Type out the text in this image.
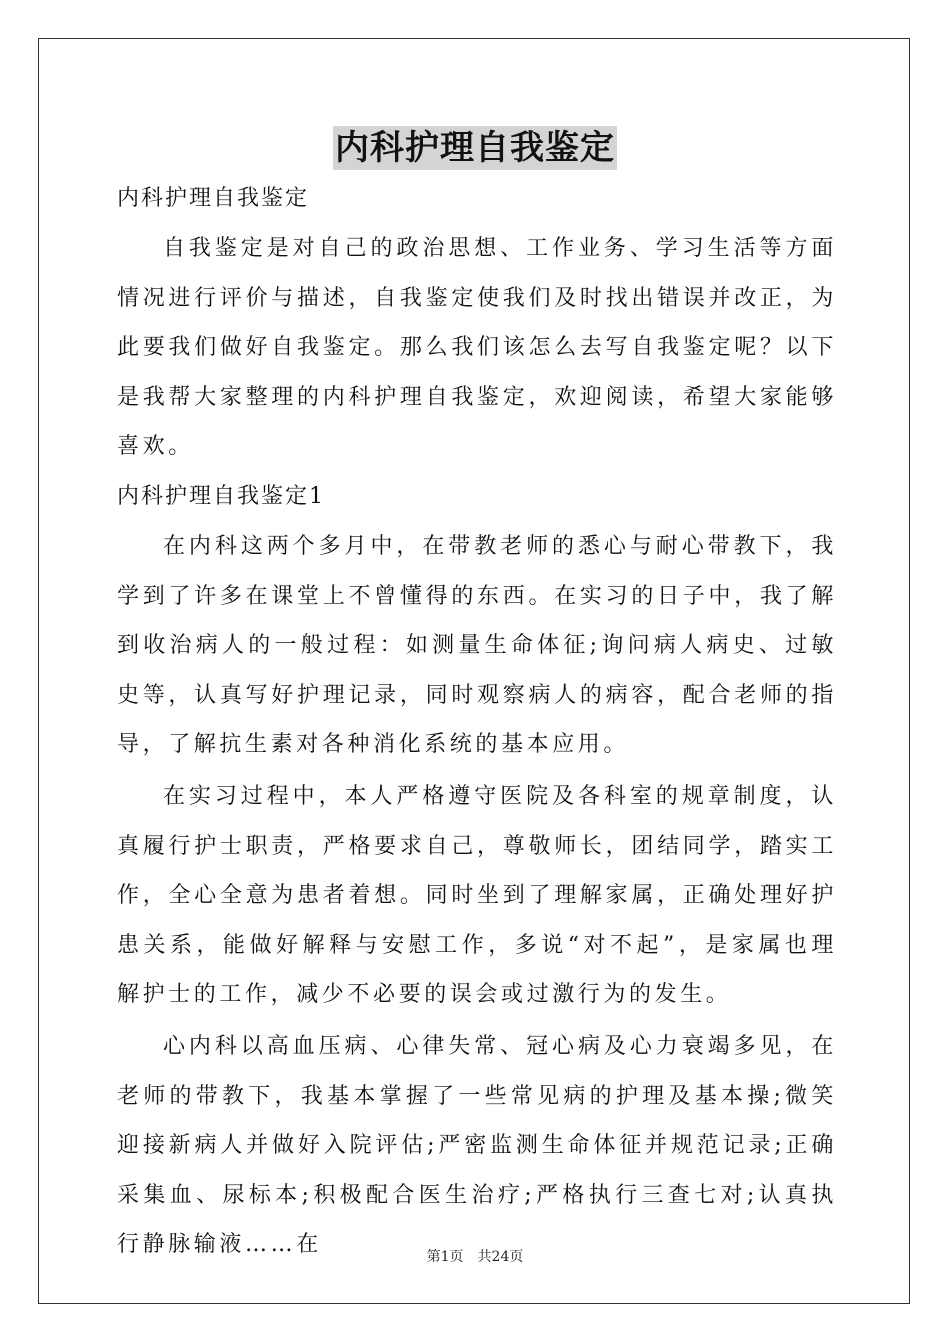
内科护理自我鉴定

内科护理自我鉴定

自我鉴定是对自己的政治思想、工作业务、学习生活等方面情况进行评价与描述，自我鉴定使我们及时找出错误并改正，为此要我们做好自我鉴定。那么我们该怎么去写自我鉴定呢？以下是我帮大家整理的内科护理自我鉴定，欢迎阅读，希望大家能够喜欢。

内科护理自我鉴定1

在内科这两个多月中，在带教老师的悉心与耐心带教下，我学到了许多在课堂上不曾懂得的东西。在实习的日子中，我了解到收治病人的一般过程：如测量生命体征;询问病人病史、过敏史等，认真写好护理记录，同时观察病人的病容，配合老师的指导，了解抗生素对各种消化系统的基本应用。

在实习过程中，本人严格遵守医院及各科室的规章制度，认真履行护士职责，严格要求自己，尊敬师长，团结同学，踏实工作，全心全意为患者着想。同时坐到了理解家属，正确处理好护患关系，能做好解释与安慰工作，多说“对不起”，是家属也理解护士的工作，减少不必要的误会或过激行为的发生。

心内科以高血压病、心律失常、冠心病及心力衰竭多见，在老师的带教下，我基本掌握了一些常见病的护理及基本操;微笑迎接新病人并做好入院评估;严密监测生命体征并规范记录;正确采集血、尿标本;积极配合医生治疗;严格执行三查七对;认真执行静脉输液……在	第1页　共24页
